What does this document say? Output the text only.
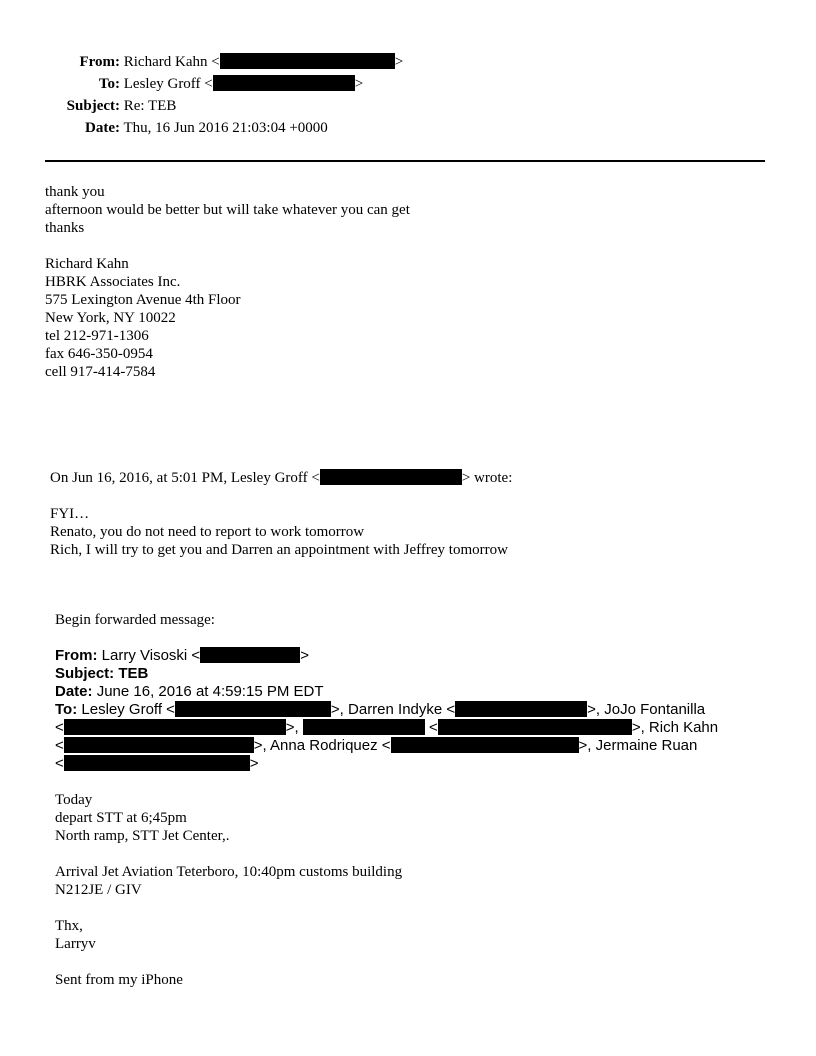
From: Richard Kahn <	>
To: Lesley Groff <	>
Subject: Re: TEB
Date: Thu, 16 Jun 2016 21:03:04 +0000
thank you
afternoon would be better but will take whatever you can get
thanks
Richard Kahn
HBRK Associates Inc.
575 Lexington Avenue 4th Floor
New York, NY 10022
tel 212-971-1306
fax 646-350-0954
cell 917-414-7584
On Jun 16, 2016, at 5:01 PM, Lesley Groff <	> wrote:
FYI…
Renato, you do not need to report to work tomorrow
Rich, I will try to get you and Darren an appointment with Jeffrey tomorrow
Begin forwarded message:
From: Larry Visoski <	>
Subject: TEB
Date: June 16, 2016 at 4:59:15 PM EDT
To: Lesley Groff <	>, Darren Indyke <	>, JoJo Fontanilla
<	>,	<	>, Rich Kahn
<	>, Anna Rodriquez <	>, Jermaine Ruan
<	>
Today
depart STT at 6;45pm
North ramp, STT Jet Center,.
Arrival Jet Aviation Teterboro, 10:40pm customs building
N212JE / GIV
Thx,
Larryv
Sent from my iPhone
